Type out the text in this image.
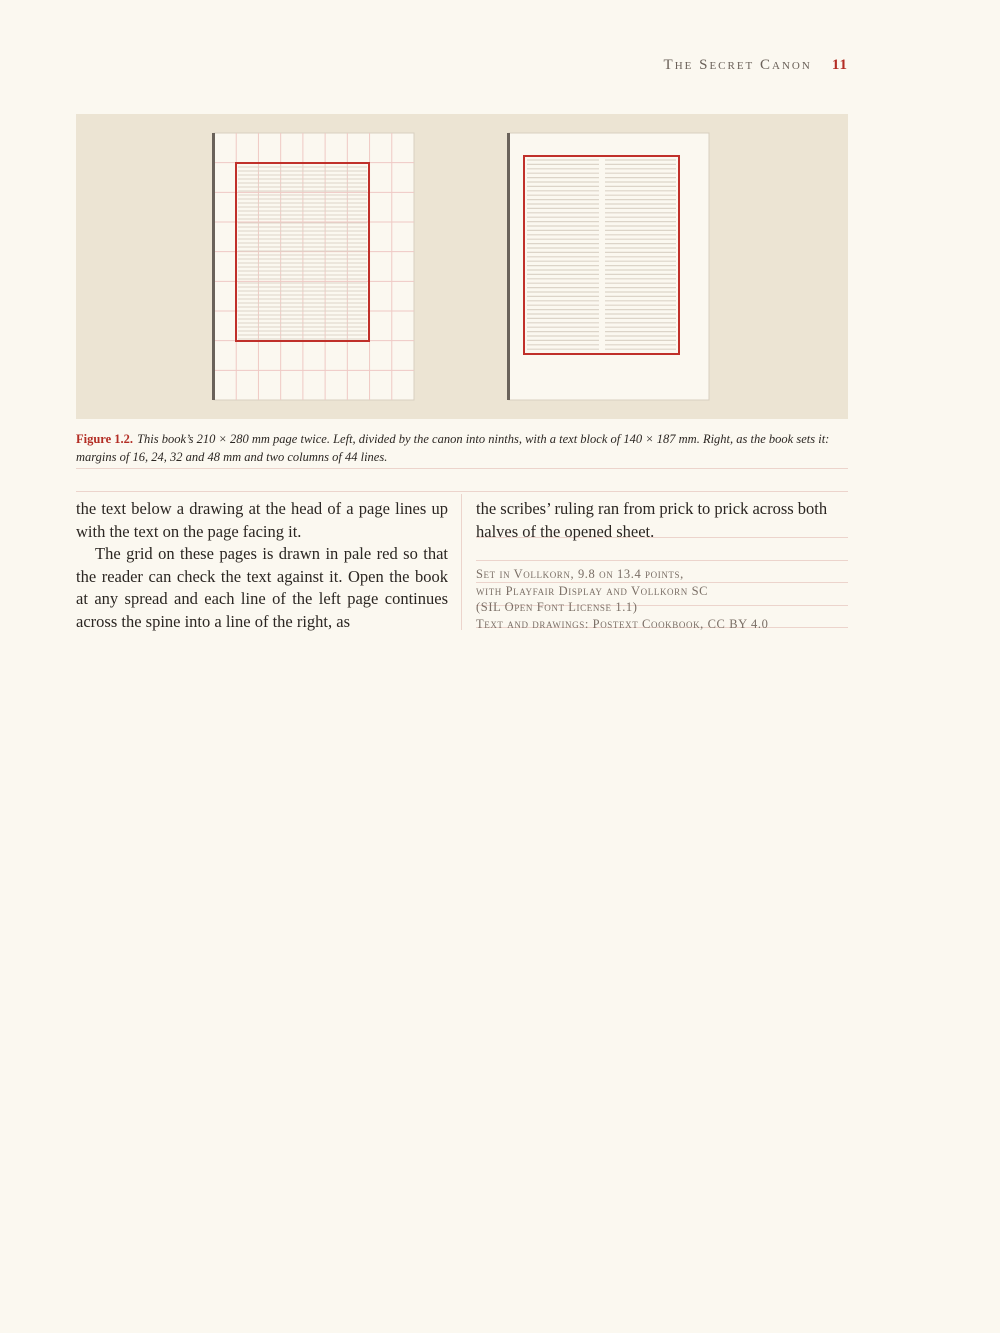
The Secret Canon 11
Figure 1.2. This book’s 210 × 280 mm page twice. Left, divided by the canon into ninths, with a text block of 140 × 187 mm. Right, as the book sets it: margins of 16, 24, 32 and 48 mm and two columns of 44 lines.

the text below a drawing at the head of a page lines up with the text on the page facing it.

The grid on these pages is drawn in pale red so that the reader can check the text against it. Open the book at any spread and each line of the left page continues across the spine into a line of the right, as

the scribes’ ruling ran from prick to prick across both halves of the opened sheet.

Set in Vollkorn, 9.8 on 13.4 points,
with Playfair Display and Vollkorn SC
(SIL Open Font License 1.1)
Text and drawings: Postext Cookbook, CC BY 4.0
